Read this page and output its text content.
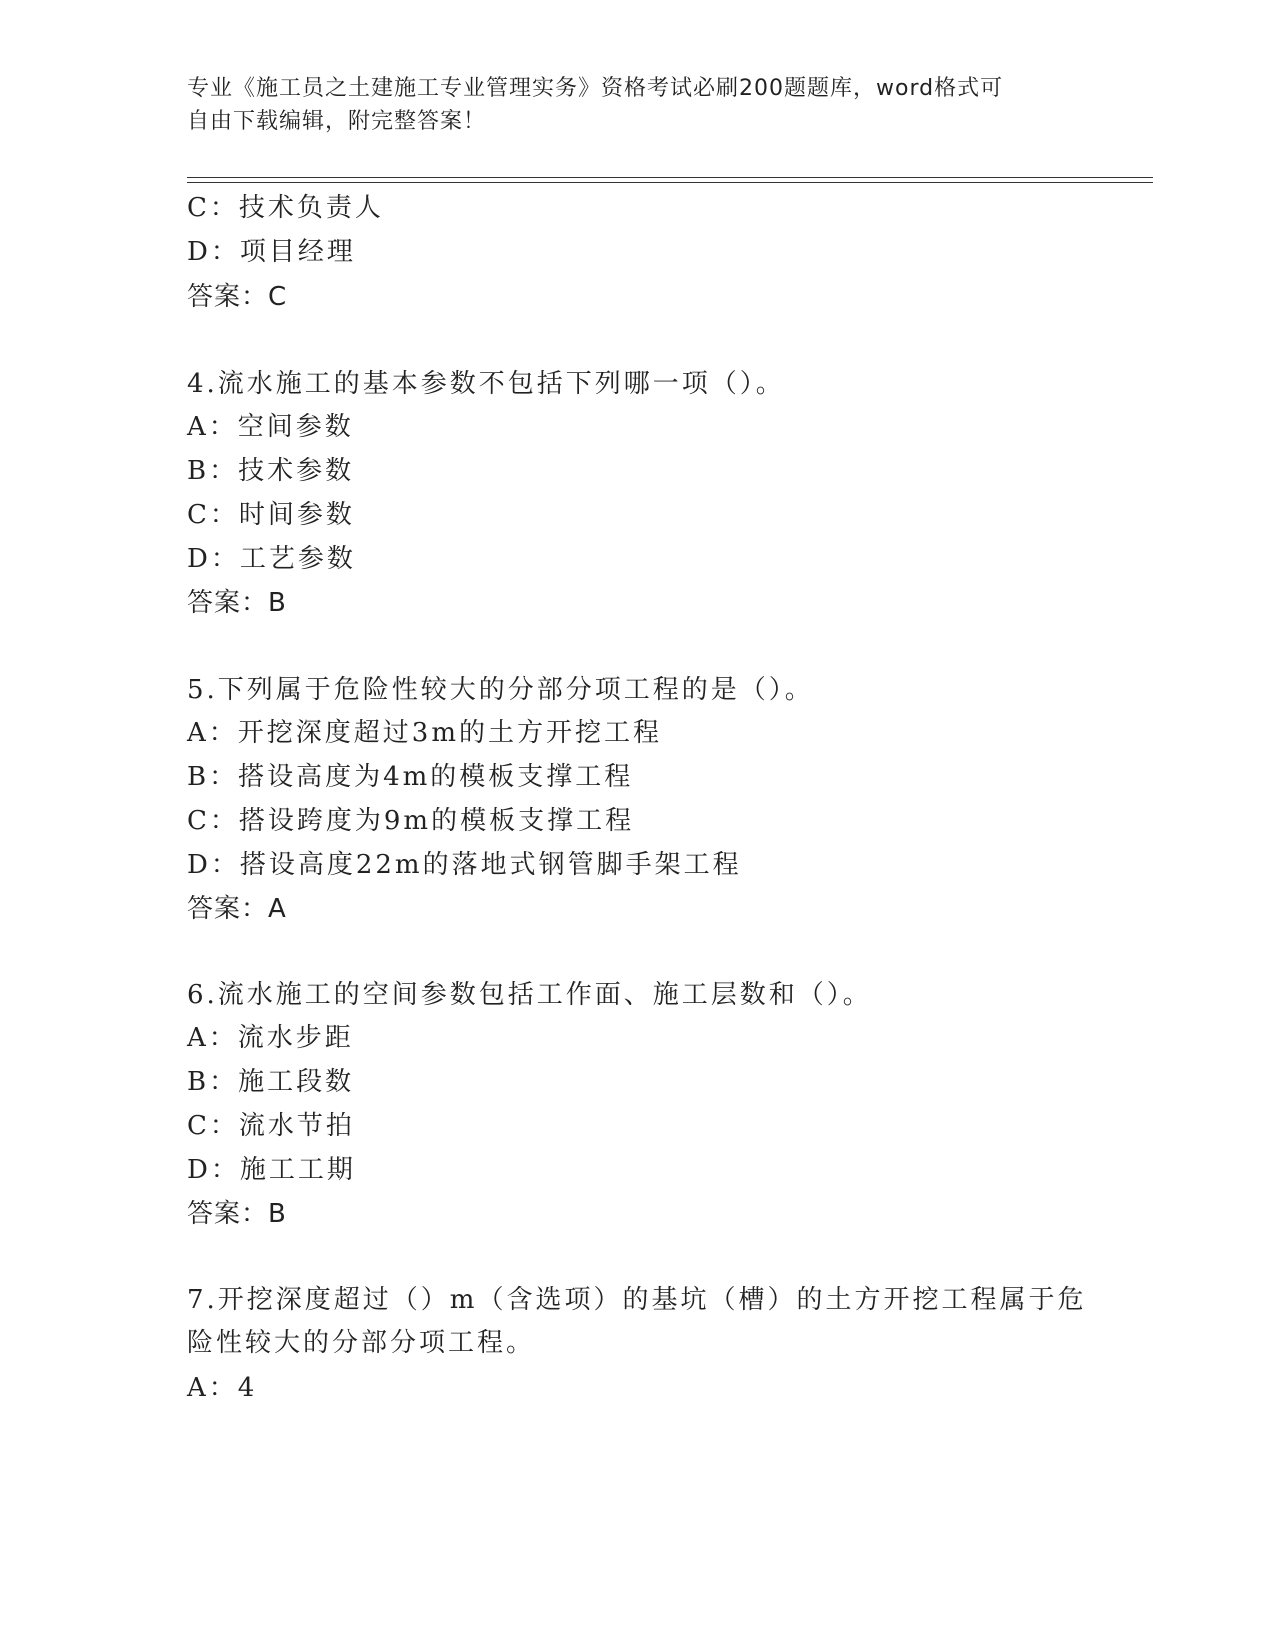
专业《施工员之土建施工专业管理实务》资格考试必刷200题题库，word格式可
自由下载编辑，附完整答案！
C：技术负责人
D：项目经理
答案：C
4.流水施工的基本参数不包括下列哪一项（）。
A：空间参数
B：技术参数
C：时间参数
D：工艺参数
答案：B
5.下列属于危险性较大的分部分项工程的是（）。
A：开挖深度超过3m的土方开挖工程
B：搭设高度为4m的模板支撑工程
C：搭设跨度为9m的模板支撑工程
D：搭设高度22m的落地式钢管脚手架工程
答案：A
6.流水施工的空间参数包括工作面、施工层数和（）。
A：流水步距
B：施工段数
C：流水节拍
D：施工工期
答案：B
7.开挖深度超过（）m（含选项）的基坑（槽）的土方开挖工程属于危
险性较大的分部分项工程。
A：4
